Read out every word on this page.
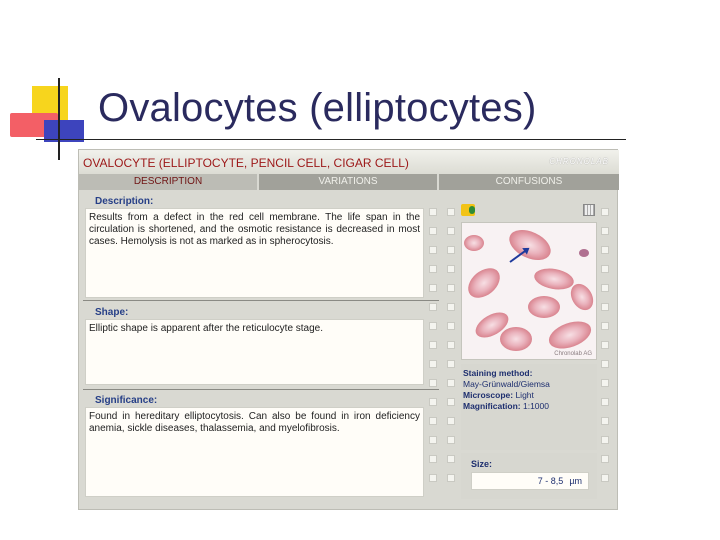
Ovalocytes (elliptocytes)
OVALOCYTE (ELLIPTOCYTE, PENCIL CELL, CIGAR CELL)	CHRONOLAB
DESCRIPTION	VARIATIONS	CONFUSIONS
Description:
Results from a defect in the red cell membrane. The life span in the circulation is shortened, and the osmotic resistance is decreased in most cases. Hemolysis is not as marked as in spherocytosis.
Shape:
Elliptic shape is apparent after the reticulocyte stage.
Significance:
Found in hereditary elliptocytosis. Can also be found in iron deficiency anemia, sickle diseases, thalassemia, and myelofibrosis.
Chronolab AG
Staining method:
May-Grünwald/Giemsa
Microscope: Light
Magnification: 1:1000
Size:
7 - 8,5 µm
